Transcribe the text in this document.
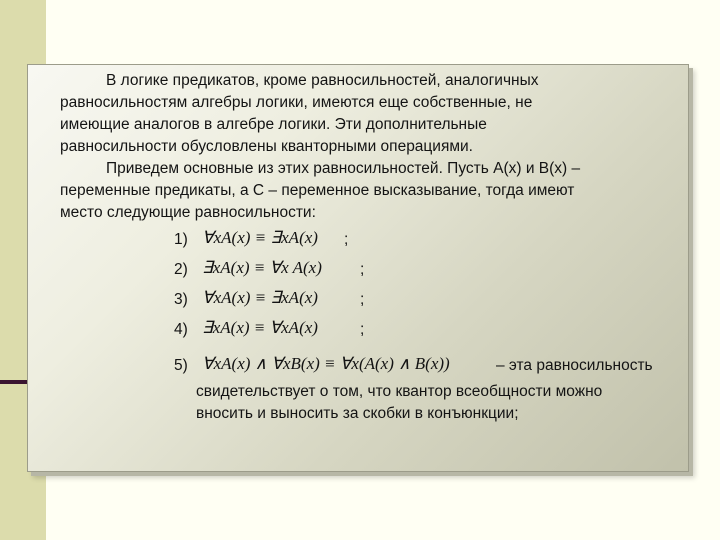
В логике предикатов, кроме равносильностей, аналогичных
равносильностям алгебры логики, имеются еще собственные, не
имеющие аналогов в алгебре логики. Эти дополнительные
равносильности обусловлены кванторными операциями.

Приведем основные из этих равносильностей. Пусть A(x) и B(x) –
переменные предикаты, а C – переменное высказывание, тогда имеют
место следующие равносильности:

1) ∀xA(x) ≡ ∃xA(x) ;
2) ∃xA(x) ≡ ∀x A(x) ;
3) ∀xA(x) ≡ ∃xA(x)	;
4) ∃xA(x) ≡ ∀xA(x)	;
5) ∀xA(x) ∧ ∀xB(x) ≡ ∀x(A(x) ∧ B(x))	– эта равносильность

свидетельствует о том, что квантор всеобщности можно
вносить и выносить за скобки в конъюнкции;
